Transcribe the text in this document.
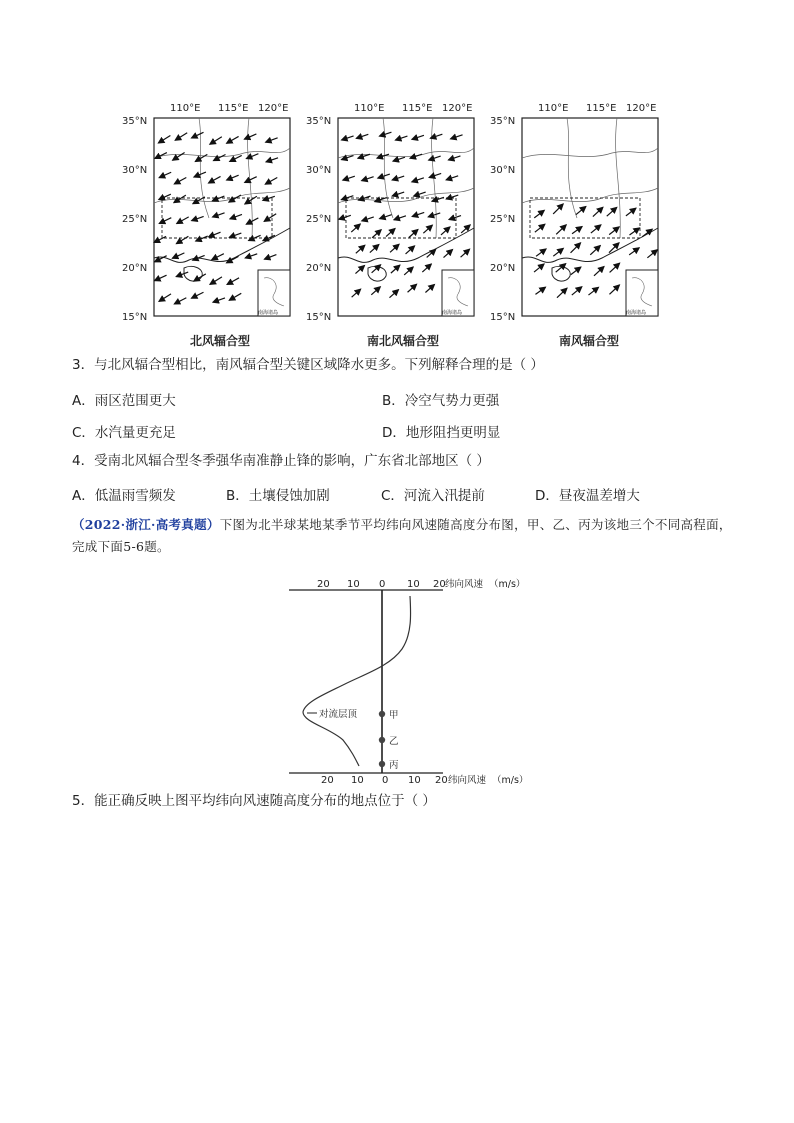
110°E 115°E 120°E
35°N
30°N
25°N
20°N
15°N
110°E 115°E 120°E
35°N
30°N
25°N
20°N
15°N
110°E 115°E 120°E
35°N
30°N
25°N
20°N
15°N
南海诸岛	南海诸岛	南海诸岛
北风辐合型	南北风辐合型	南风辐合型
3．与北风辐合型相比，南风辐合型关键区域降水更多。下列解释合理的是（ ）
A．雨区范围更大	B．冷空气势力更强
C．水汽量更充足	D．地形阻挡更明显
4．受南北风辐合型冬季强华南准静止锋的影响，广东省北部地区（ ）
A．低温雨雪频发	B．土壤侵蚀加剧	C．河流入汛提前	D．昼夜温差增大
（2022·浙江·高考真题）下图为北半球某地某季节平均纬向风速随高度分布图，甲、乙、丙为该地三个不同高程面，完成下面5-6题。
20 10 0 10 20 纬向风速 （m/s）
20 10 0 10 20 纬向风速 （m/s）
对流层顶	甲
乙
丙
5．能正确反映上图平均纬向风速随高度分布的地点位于（ ）
